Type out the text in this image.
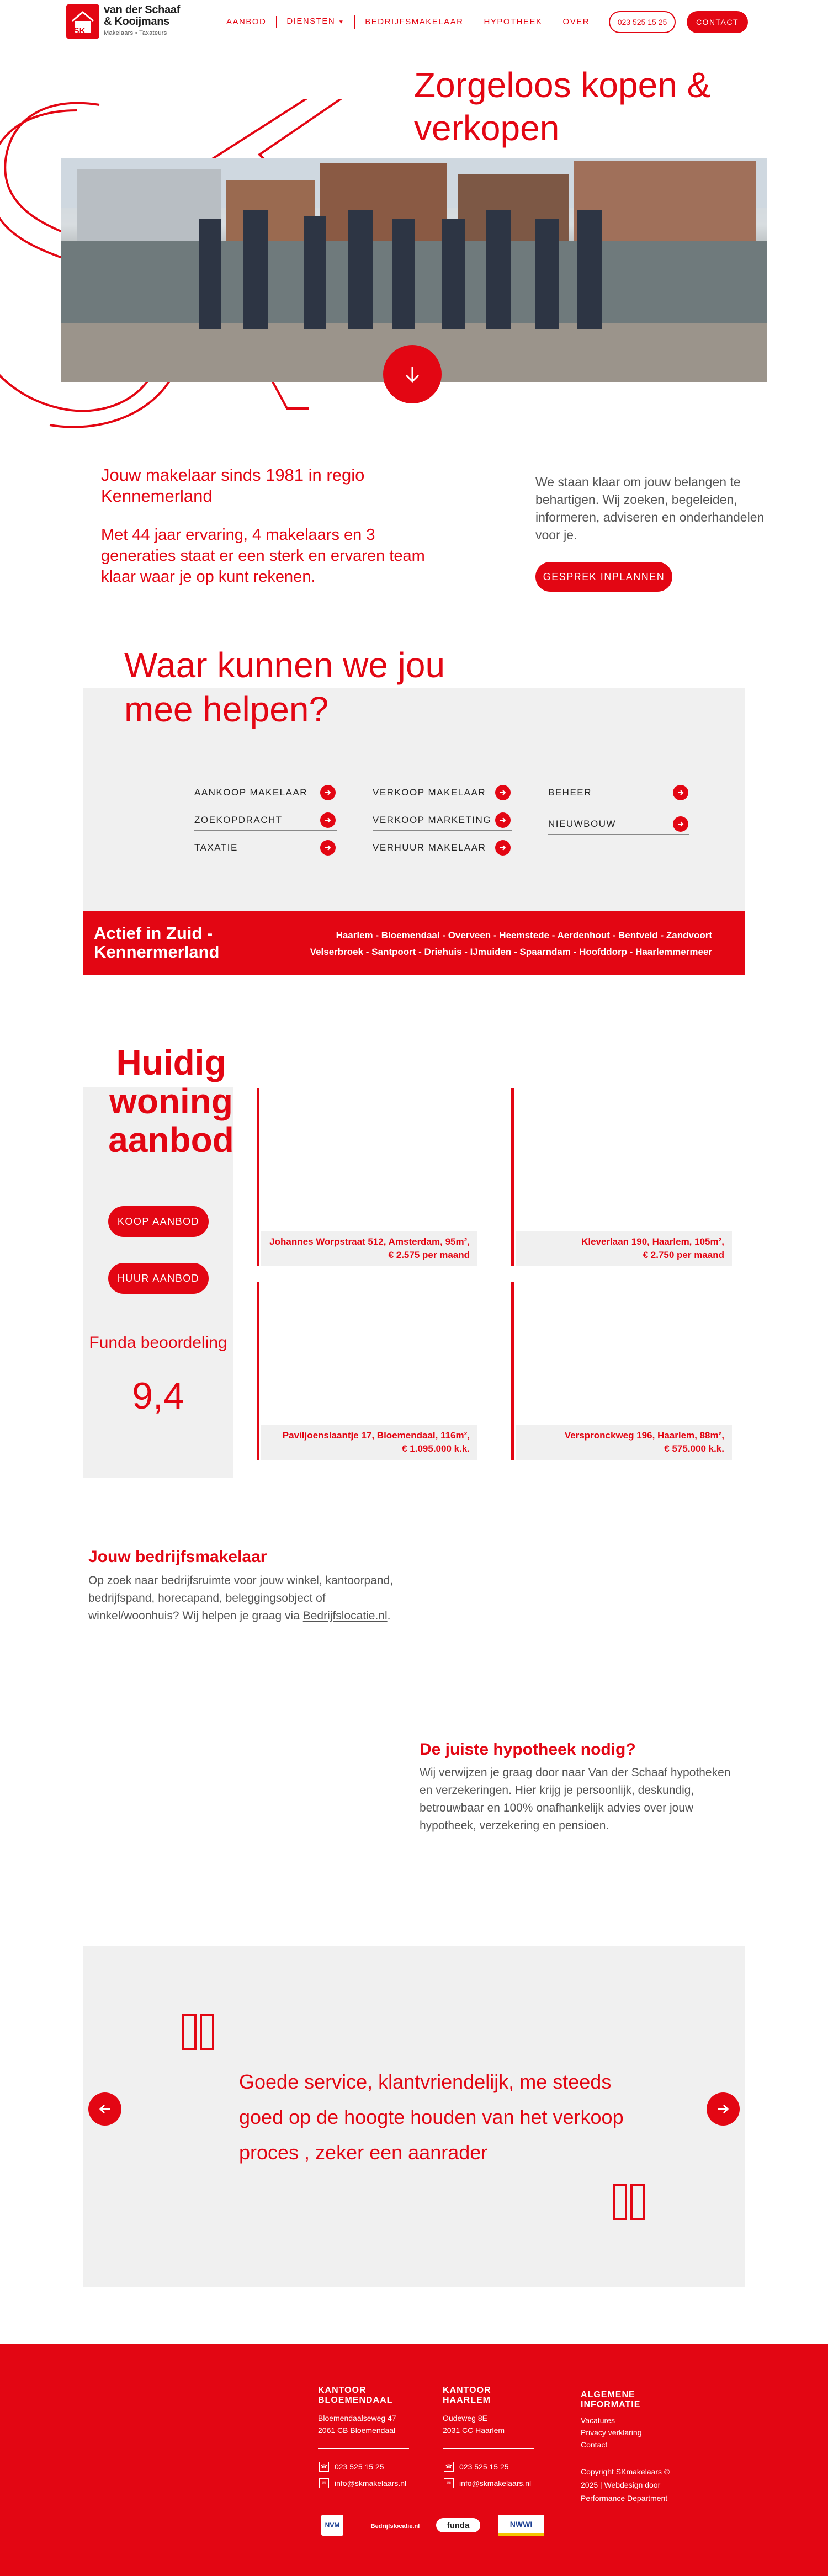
SK
van der Schaaf
& Kooijmans
Makelaars • Taxateurs
AANBOD	DIENSTEN ▼	BEDRIJFSMAKELAAR	HYPOTHEEK	OVER	023 525 15 25	CONTACT
Zorgeloos kopen & verkopen
Jouw makelaar sinds 1981 in regio Kennemerland
Met 44 jaar ervaring, 4 makelaars en 3 generaties staat er een sterk en ervaren team klaar waar je op kunt rekenen.
We staan klaar om jouw belangen te behartigen. Wij zoeken, begeleiden, informeren, adviseren en onderhandelen voor je.
GESPREK INPLANNEN
Waar kunnen we jou mee helpen?
AANKOOP MAKELAAR
ZOEKOPDRACHT
TAXATIE
VERKOOP MAKELAAR
VERKOOP MARKETING
VERHUUR MAKELAAR
BEHEER
NIEUWBOUW
Actief in Zuid - Kennermerland
Haarlem - Bloemendaal - Overveen - Heemstede - Aerdenhout - Bentveld - Zandvoort
Velserbroek - Santpoort - Driehuis - IJmuiden - Spaarndam - Hoofddorp - Haarlemmermeer
Huidig woning aanbod
KOOP AANBOD
HUUR AANBOD
Funda beoordeling
9,4
Johannes Worpstraat 512, Amsterdam, 95m²,
€ 2.575 per maand
Kleverlaan 190, Haarlem, 105m²,
€ 2.750 per maand
Paviljoenslaantje 17, Bloemendaal, 116m²,
€ 1.095.000 k.k.
Verspronckweg 196, Haarlem, 88m²,
€ 575.000 k.k.
Jouw bedrijfsmakelaar
Op zoek naar bedrijfsruimte voor jouw winkel, kantoorpand, bedrijfspand, horecapand, beleggingsobject of winkel/woonhuis? Wij helpen je graag via Bedrijfslocatie.nl.
De juiste hypotheek nodig?
Wij verwijzen je graag door naar Van der Schaaf hypotheken en verzekeringen. Hier krijg je persoonlijk, deskundig, betrouwbaar en 100% onafhankelijk advies over jouw hypotheek, verzekering en pensioen.
Goede service, klantvriendelijk, me steeds goed op de hoogte houden van het verkoop proces , zeker een aanrader
KANTOOR BLOEMENDAAL
Bloemendaalseweg 47
2061 CB Bloemendaal
☎ 023 525 15 25
✉	info@skmakelaars.nl
KANTOOR HAARLEM
Oudeweg 8E
2031 CC Haarlem
☎ 023 525 15 25
✉	info@skmakelaars.nl
ALGEMENE INFORMATIE
Vacatures
Privacy verklaring
Contact
Copyright SKmakelaars © 2025 | Webdesign door Performance Department
NVM	Bedrijfslocatie.nl	funda	NWWI
